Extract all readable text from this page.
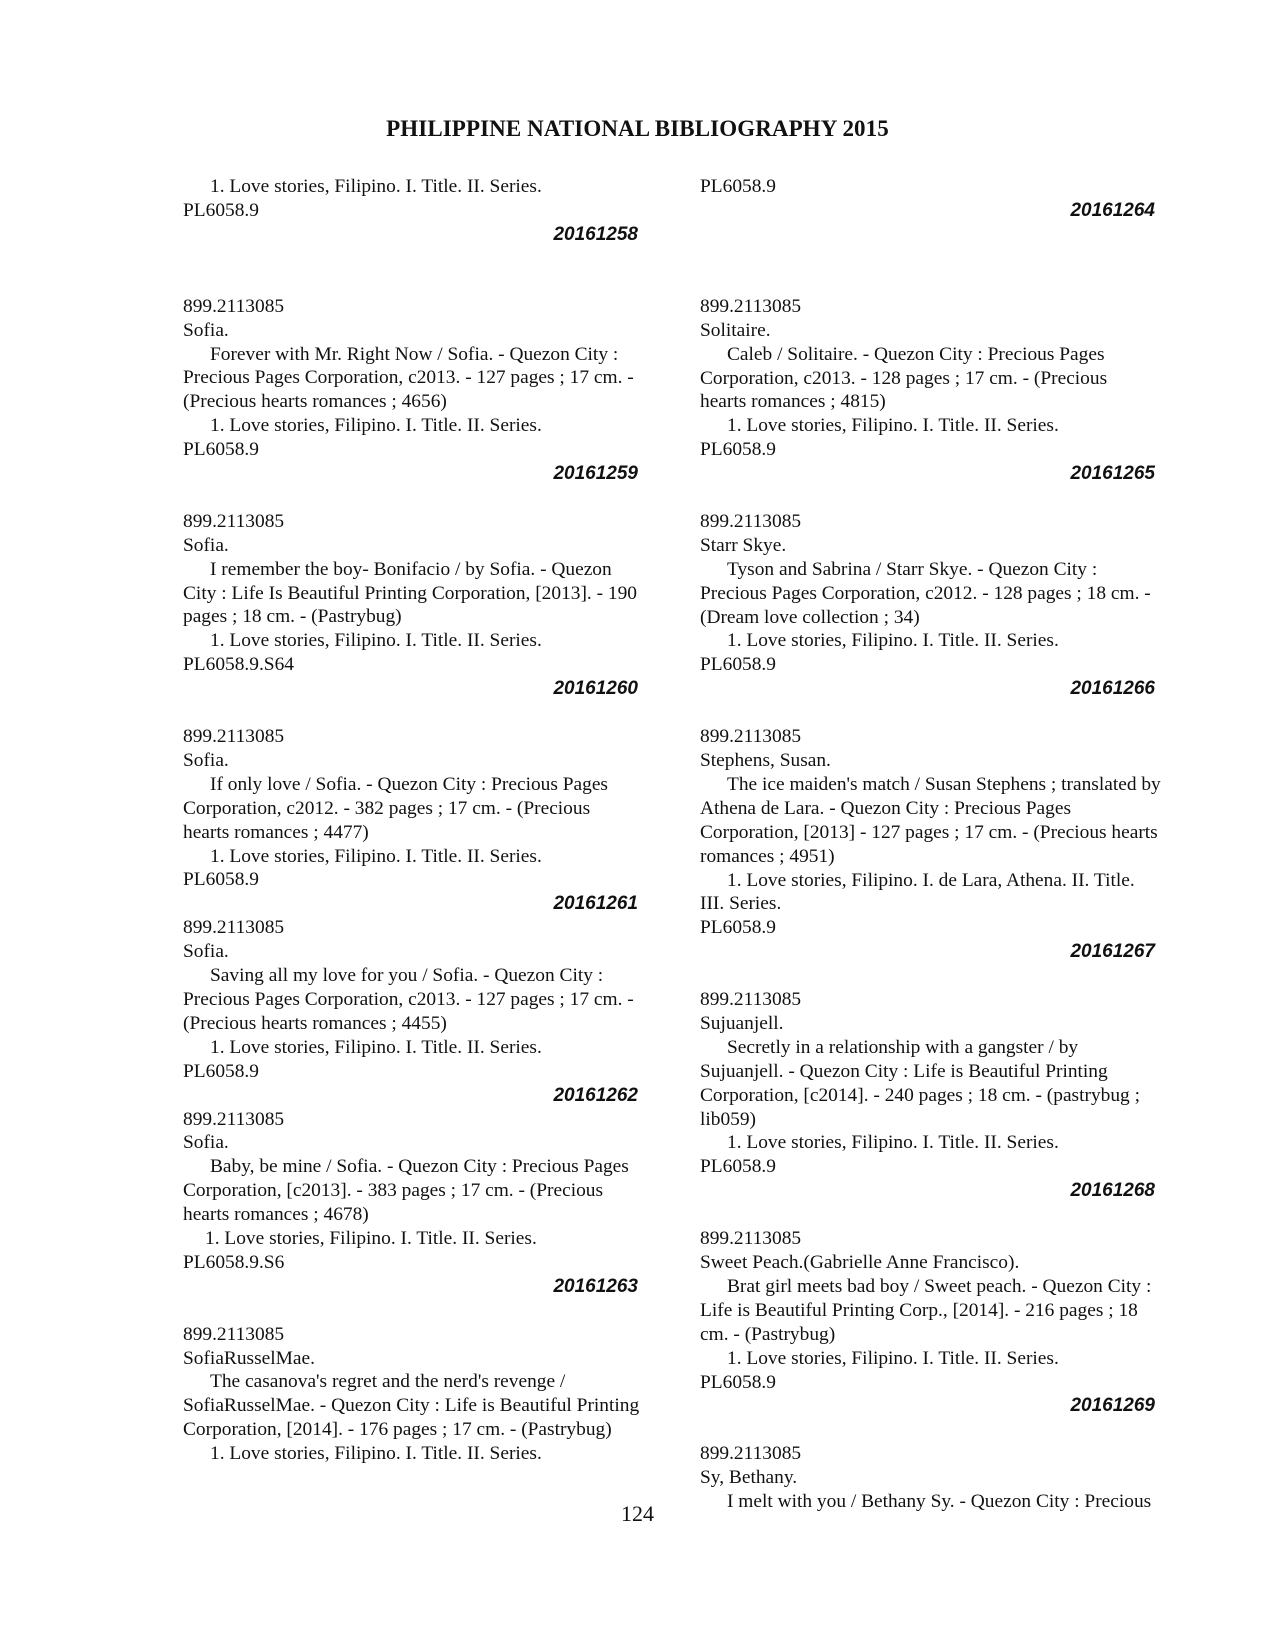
PHILIPPINE NATIONAL BIBLIOGRAPHY 2015
1. Love stories, Filipino. I. Title. II. Series.
PL6058.9
20161258
899.2113085
Sofia.
Forever with Mr. Right Now / Sofia. - Quezon City :
Precious Pages Corporation, c2013. - 127 pages ; 17 cm. -
(Precious hearts romances ; 4656)
1. Love stories, Filipino. I. Title. II. Series.
PL6058.9
20161259
899.2113085
Sofia.
I remember the boy- Bonifacio / by Sofia. - Quezon
City : Life Is Beautiful Printing Corporation, [2013]. - 190
pages ; 18 cm. - (Pastrybug)
1. Love stories, Filipino. I. Title. II. Series.
PL6058.9.S64
20161260
899.2113085
Sofia.
If only love / Sofia. - Quezon City : Precious Pages
Corporation, c2012. - 382 pages ; 17 cm. - (Precious
hearts romances ; 4477)
1. Love stories, Filipino. I. Title. II. Series.
PL6058.9
20161261
899.2113085
Sofia.
Saving all my love for you / Sofia. - Quezon City :
Precious Pages Corporation, c2013. - 127 pages ; 17 cm. -
(Precious hearts romances ; 4455)
1. Love stories, Filipino. I. Title. II. Series.
PL6058.9
20161262
899.2113085
Sofia.
Baby, be mine / Sofia. - Quezon City : Precious Pages
Corporation, [c2013]. - 383 pages ; 17 cm. - (Precious
hearts romances ; 4678)
1. Love stories, Filipino. I. Title. II. Series.
PL6058.9.S6
20161263
899.2113085
SofiaRusselMae.
The casanova's regret and the nerd's revenge /
SofiaRusselMae. - Quezon City : Life is Beautiful Printing
Corporation, [2014]. - 176 pages ; 17 cm. - (Pastrybug)
1. Love stories, Filipino. I. Title. II. Series.
PL6058.9
20161264
899.2113085
Solitaire.
Caleb / Solitaire. - Quezon City : Precious Pages
Corporation, c2013. - 128 pages ; 17 cm. - (Precious
hearts romances ; 4815)
1. Love stories, Filipino. I. Title. II. Series.
PL6058.9
20161265
899.2113085
Starr Skye.
Tyson and Sabrina / Starr Skye. - Quezon City :
Precious Pages Corporation, c2012. - 128 pages ; 18 cm. -
(Dream love collection ; 34)
1. Love stories, Filipino. I. Title. II. Series.
PL6058.9
20161266
899.2113085
Stephens, Susan.
The ice maiden's match / Susan Stephens ; translated by
Athena de Lara. - Quezon City : Precious Pages
Corporation, [2013] - 127 pages ; 17 cm. - (Precious hearts
romances ; 4951)
1. Love stories, Filipino. I. de Lara, Athena. II. Title.
III. Series.
PL6058.9
20161267
899.2113085
Sujuanjell.
Secretly in a relationship with a gangster / by
Sujuanjell. - Quezon City : Life is Beautiful Printing
Corporation, [c2014]. - 240 pages ; 18 cm. - (pastrybug ;
lib059)
1. Love stories, Filipino. I. Title. II. Series.
PL6058.9
20161268
899.2113085
Sweet Peach.(Gabrielle Anne Francisco).
Brat girl meets bad boy / Sweet peach. - Quezon City :
Life is Beautiful Printing Corp., [2014]. - 216 pages ; 18
cm. - (Pastrybug)
1. Love stories, Filipino. I. Title. II. Series.
PL6058.9
20161269
899.2113085
Sy, Bethany.
I melt with you / Bethany Sy. - Quezon City : Precious
124
